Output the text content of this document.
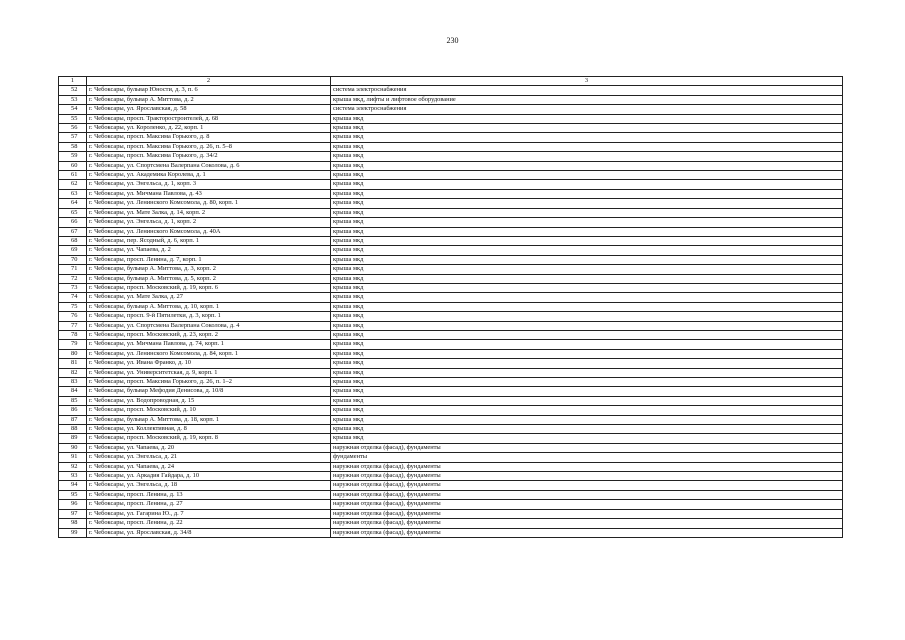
230
1	2	3
52	г. Чебоксары, бульвар Юности, д. 3, п. 6	система электроснабжения
53	г. Чебоксары, бульвар А. Миттова, д. 2	крыша мкд, лифты и лифтовое оборудование
54	г. Чебоксары, ул. Ярославская, д. 58	система электроснабжения
55	г. Чебоксары, просп. Тракторостроителей, д. 68	крыша мкд
56	г. Чебоксары, ул. Короленко, д. 22, корп. 1	крыша мкд
57	г. Чебоксары, просп. Максима Горького, д. 8	крыша мкд
58	г. Чебоксары, просп. Максима Горького, д. 26, п. 5–8	крыша мкд
59	г. Чебоксары, просп. Максима Горького, д. 34/2	крыша мкд
60	г. Чебоксары, ул. Спортсмена Валерпана Соколова, д. 6	крыша мкд
61	г. Чебоксары, ул. Академика Королева, д. 1	крыша мкд
62	г. Чебоксары, ул. Энгельса, д. 1, корп. 3	крыша мкд
63	г. Чебоксары, ул. Мичмана Павлова, д. 43	крыша мкд
64	г. Чебоксары, ул. Ленинского Комсомола, д. 80, корп. 1	крыша мкд
65	г. Чебоксары, ул. Мате Залка, д. 14, корп. 2	крыша мкд
66	г. Чебоксары, ул. Энгельса, д. 1, корп. 2	крыша мкд
67	г. Чебоксары, ул. Ленинского Комсомола, д. 40А	крыша мкд
68	г. Чебоксары, пер. Ясодный, д. 6, корп. 1	крыша мкд
69	г. Чебоксары, ул. Чапаева, д. 2	крыша мкд
70	г. Чебоксары, просп. Ленина, д. 7, корп. 1	крыша мкд
71	г. Чебоксары, бульвар А. Миттова, д. 3, корп. 2	крыша мкд
72	г. Чебоксары, бульвар А. Миттова, д. 5, корп. 2	крыша мкд
73	г. Чебоксары, просп. Московский, д. 19, корп. 6	крыша мкд
74	г. Чебоксары, ул. Мате Залка, д. 27	крыша мкд
75	г. Чебоксары, бульвар А. Миттова, д. 10, корп. 1	крыша мкд
76	г. Чебоксары, просп. 9-й Пятилетки, д. 3, корп. 1	крыша мкд
77	г. Чебоксары, ул. Спортсмена Валерпана Соколова, д. 4	крыша мкд
78	г. Чебоксары, просп. Московский, д. 23, корп. 2	крыша мкд
79	г. Чебоксары, ул. Мичмана Павлова, д. 74, корп. 1	крыша мкд
80	г. Чебоксары, ул. Ленинского Комсомола, д. 84, корп. 1	крыша мкд
81	г. Чебоксары, ул. Ивана Франко, д. 10	крыша мкд
82	г. Чебоксары, ул. Университетская, д. 9, корп. 1	крыша мкд
83	г. Чебоксары, просп. Максима Горького, д. 26, п. 1–2	крыша мкд
84	г. Чебоксары, бульвар Мефодия Денисова, д. 10/8	крыша мкд
85	г. Чебоксары, ул. Водопроводная, д. 15	крыша мкд
86	г. Чебоксары, просп. Московский, д. 10	крыша мкд
87	г. Чебоксары, бульвар А. Миттова, д. 18, корп. 1	крыша мкд
88	г. Чебоксары, ул. Коллективная, д. 8	крыша мкд
89	г. Чебоксары, просп. Московский, д. 19, корп. 8	крыша мкд
90	г. Чебоксары, ул. Чапаева, д. 20	наружная отделка (фасад), фундаменты
91	г. Чебоксары, ул. Энгельса, д. 21	фундаменты
92	г. Чебоксары, ул. Чапаева, д. 24	наружная отделка (фасад), фундаменты
93	г. Чебоксары, ул. Аркадия Гайдара, д. 10	наружная отделка (фасад), фундаменты
94	г. Чебоксары, ул. Энгельса, д. 18	наружная отделка (фасад), фундаменты
95	г. Чебоксары, просп. Ленина, д. 13	наружная отделка (фасад), фундаменты
96	г. Чебоксары, просп. Ленина, д. 27	наружная отделка (фасад), фундаменты
97	г. Чебоксары, ул. Гагарина Ю., д. 7	наружная отделка (фасад), фундаменты
98	г. Чебоксары, просп. Ленина, д. 22	наружная отделка (фасад), фундаменты
99	г. Чебоксары, ул. Ярославская, д. 34/8	наружная отделка (фасад), фундаменты
